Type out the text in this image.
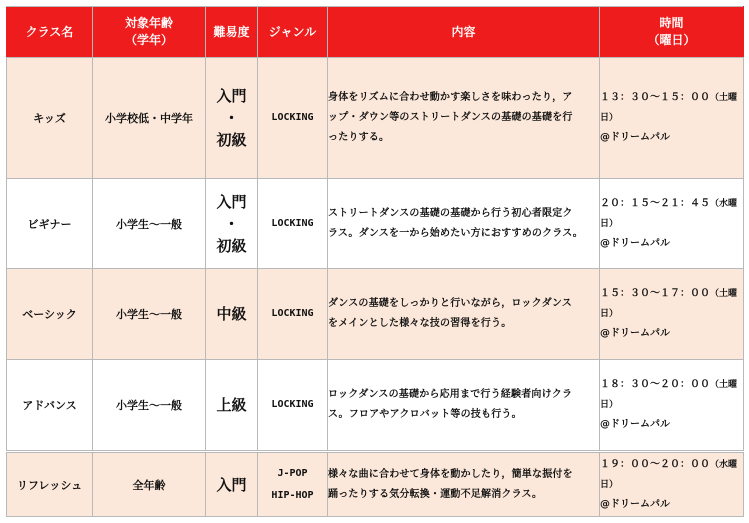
クラス名	対象年齢
（学年）	難易度	ジャンル	内容	時間
（曜日）
キッズ	小学校低・中学年	入門
・
初級	LOCKING	身体をリズムに合わせ動かす楽しさを味わったり，ア
ップ・ダウン等のストリートダンスの基礎の基礎を行
ったりする。	１３：３０～１５：００（土曜日）
@ドリームパル
ビギナー	小学生～一般	入門
・
初級	LOCKING	ストリートダンスの基礎の基礎から行う初心者限定ク
ラス。ダンスを一から始めたい方におすすめのクラス。	２０：１５～２１：４５（水曜日）
@ドリームパル
ベーシック	小学生～一般	中級	LOCKING	ダンスの基礎をしっかりと行いながら，ロックダンス
をメインとした様々な技の習得を行う。	１５：３０～１７：００（土曜日）
@ドリームパル
アドバンス	小学生～一般	上級	LOCKING	ロックダンスの基礎から応用まで行う経験者向けクラ
ス。フロアやアクロバット等の技も行う。	１８：３０～２０：００（土曜日）
@ドリームパル
リフレッシュ	全年齢	入門	J-POP
HIP-HOP	様々な曲に合わせて身体を動かしたり，簡単な振付を
踊ったりする気分転換・運動不足解消クラス。	１９：００～２０：００（水曜日）
@ドリームパル
